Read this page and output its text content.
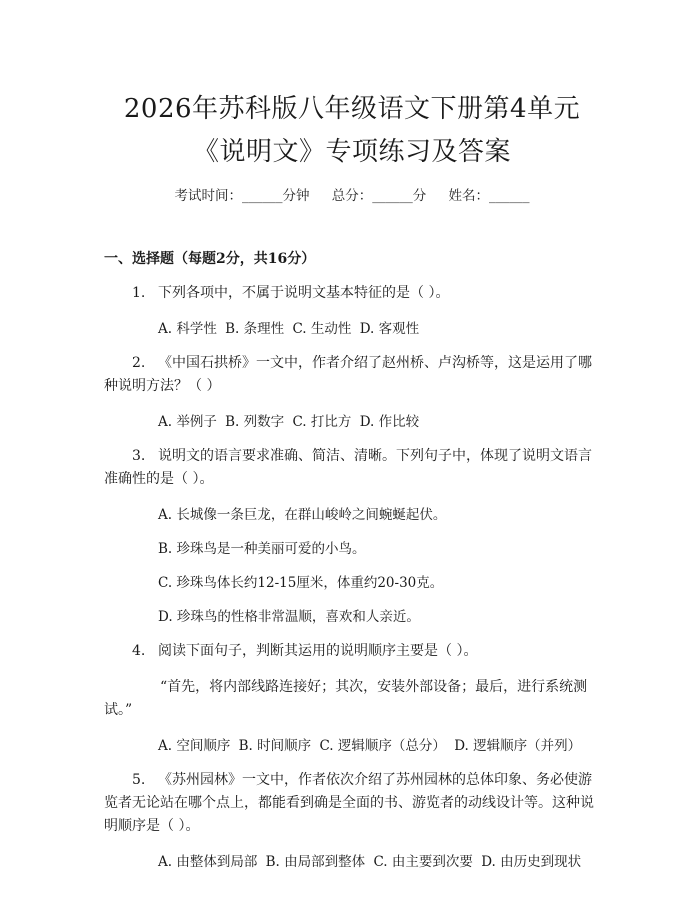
2026年苏科版八年级语文下册第4单元《说明文》专项练习及答案
考试时间：______分钟 总分：______分 姓名：______
一、选择题（每题2分，共16分）
1. 下列各项中，不属于说明文基本特征的是（ ）。
A. 科学性 B. 条理性 C. 生动性 D. 客观性
2. 《中国石拱桥》一文中，作者介绍了赵州桥、卢沟桥等，这是运用了哪种说明方法？（ ）
A. 举例子 B. 列数字 C. 打比方 D. 作比较
3. 说明文的语言要求准确、简洁、清晰。下列句子中，体现了说明文语言准确性的是（ ）。
A. 长城像一条巨龙，在群山峻岭之间蜿蜒起伏。
B. 珍珠鸟是一种美丽可爱的小鸟。
C. 珍珠鸟体长约12-15厘米，体重约20-30克。
D. 珍珠鸟的性格非常温顺，喜欢和人亲近。
4. 阅读下面句子，判断其运用的说明顺序主要是（ ）。
“首先，将内部线路连接好；其次，安装外部设备；最后，进行系统测试。”
A. 空间顺序 B. 时间顺序 C. 逻辑顺序（总分） D. 逻辑顺序（并列）
5. 《苏州园林》一文中，作者依次介绍了苏州园林的总体印象、务必使游览者无论站在哪个点上，都能看到确是全面的书、游览者的动线设计等。这种说明顺序是（ ）。
A. 由整体到局部 B. 由局部到整体 C. 由主要到次要 D. 由历史到现状
